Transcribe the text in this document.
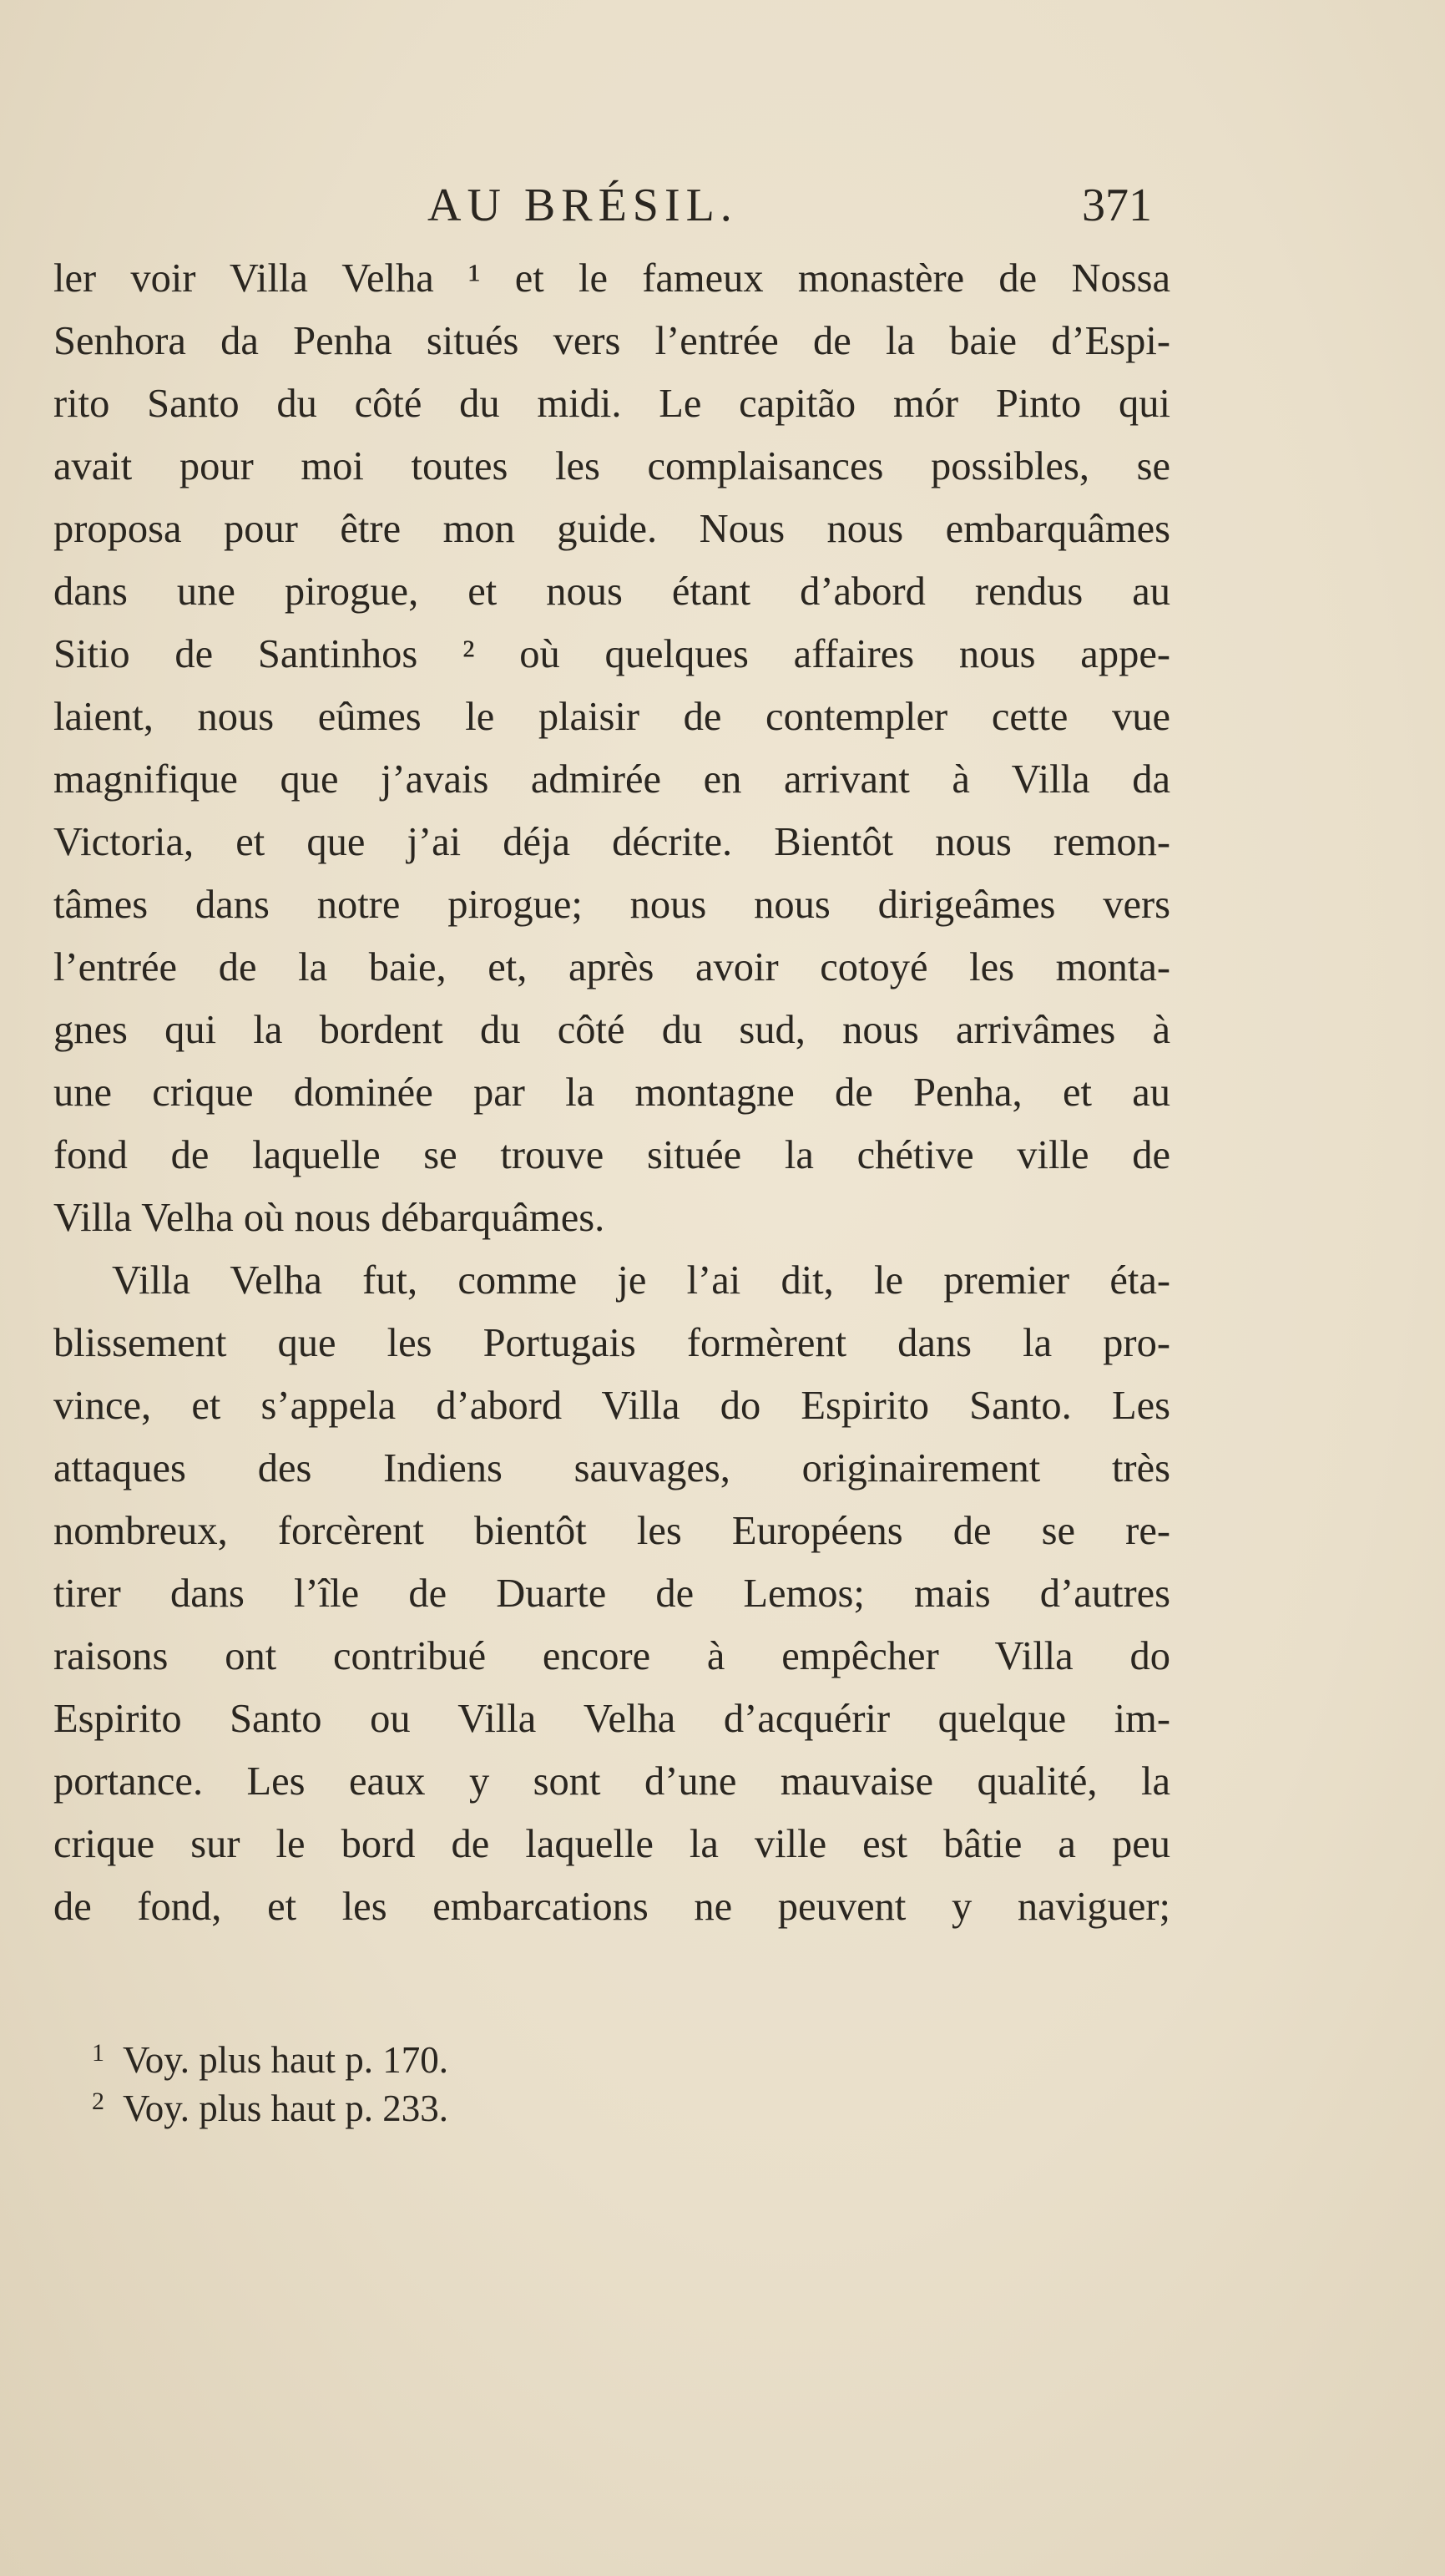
AU BRÉSIL.	371
ler voir Villa Velha ¹ et le fameux monastère de Nossa
Senhora da Penha situés vers l’entrée de la baie d’Espi-
rito Santo du côté du midi. Le capitão mór Pinto qui
avait pour moi toutes les complaisances possibles, se
proposa pour être mon guide. Nous nous embarquâmes
dans une pirogue, et nous étant d’abord rendus au
Sitio de Santinhos ² où quelques affaires nous appe-
laient, nous eûmes le plaisir de contempler cette vue
magnifique que j’avais admirée en arrivant à Villa da
Victoria, et que j’ai déja décrite. Bientôt nous remon-
tâmes dans notre pirogue; nous nous dirigeâmes vers
l’entrée de la baie, et, après avoir cotoyé les monta-
gnes qui la bordent du côté du sud, nous arrivâmes à
une crique dominée par la montagne de Penha, et au
fond de laquelle se trouve située la chétive ville de
Villa Velha où nous débarquâmes.
Villa Velha fut, comme je l’ai dit, le premier éta-
blissement que les Portugais formèrent dans la pro-
vince, et s’appela d’abord Villa do Espirito Santo. Les
attaques des Indiens sauvages, originairement très
nombreux, forcèrent bientôt les Européens de se re-
tirer dans l’île de Duarte de Lemos; mais d’autres
raisons ont contribué encore à empêcher Villa do
Espirito Santo ou Villa Velha d’acquérir quelque im-
portance. Les eaux y sont d’une mauvaise qualité, la
crique sur le bord de laquelle la ville est bâtie a peu
de fond, et les embarcations ne peuvent y naviguer;
$^1$ Voy. plus haut p. 170.
$^2$ Voy. plus haut p. 233.
